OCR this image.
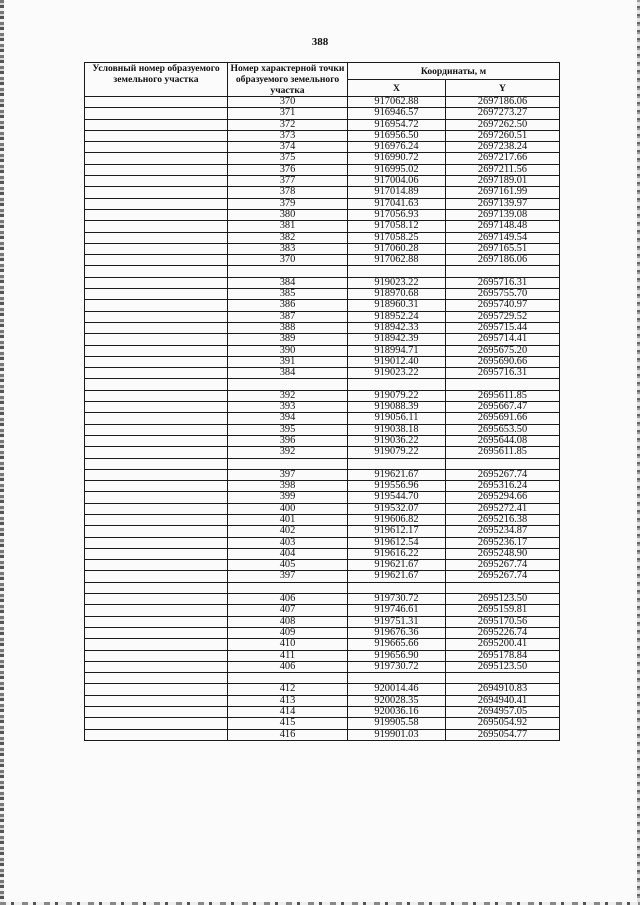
388
Условный номер образуемого земельного участка	Номер характерной точки образуемого земельного участка	Координаты, м	
		X	Y
	370	917062.88	2697186.06
	371	916946.57	2697273.27
	372	916954.72	2697262.50
	373	916956.50	2697260.51
	374	916976.24	2697238.24
	375	916990.72	2697217.66
	376	916995.02	2697211.56
	377	917004.06	2697189.01
	378	917014.89	2697161.99
	379	917041.63	2697139.97
	380	917056.93	2697139.08
	381	917058.12	2697148.48
	382	917058.25	2697149.54
	383	917060.28	2697165.51
	370	917062.88	2697186.06

	384	919023.22	2695716.31
	385	918970.68	2695755.70
	386	918960.31	2695740.97
	387	918952.24	2695729.52
	388	918942.33	2695715.44
	389	918942.39	2695714.41
	390	918994.71	2695675.20
	391	919012.40	2695690.66
	384	919023.22	2695716.31

	392	919079.22	2695611.85
	393	919088.39	2695667.47
	394	919056.11	2695691.66
	395	919038.18	2695653.50
	396	919036.22	2695644.08
	392	919079.22	2695611.85

	397	919621.67	2695267.74
	398	919556.96	2695316.24
	399	919544.70	2695294.66
	400	919532.07	2695272.41
	401	919606.82	2695216.38
	402	919612.17	2695234.87
	403	919612.54	2695236.17
	404	919616.22	2695248.90
	405	919621.67	2695267.74
	397	919621.67	2695267.74

	406	919730.72	2695123.50
	407	919746.61	2695159.81
	408	919751.31	2695170.56
	409	919676.36	2695226.74
	410	919665.66	2695200.41
	411	919656.90	2695178.84
	406	919730.72	2695123.50

	412	920014.46	2694910.83
	413	920028.35	2694940.41
	414	920036.16	2694957.05
	415	919905.58	2695054.92
	416	919901.03	2695054.77
